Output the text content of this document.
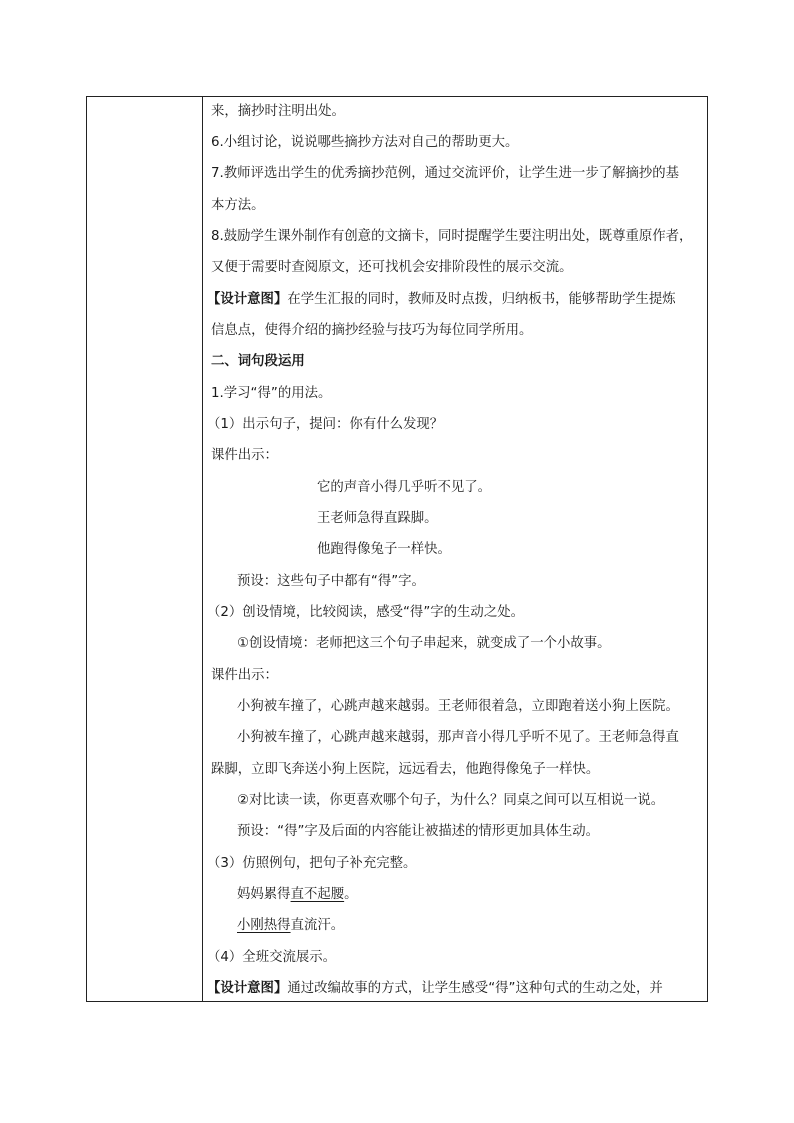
来，摘抄时注明出处。
6.小组讨论，说说哪些摘抄方法对自己的帮助更大。
7.教师评选出学生的优秀摘抄范例，通过交流评价，让学生进一步了解摘抄的基
本方法。
8.鼓励学生课外制作有创意的文摘卡，同时提醒学生要注明出处，既尊重原作者，
又便于需要时查阅原文，还可找机会安排阶段性的展示交流。
【设计意图】在学生汇报的同时，教师及时点拨，归纳板书，能够帮助学生提炼
信息点，使得介绍的摘抄经验与技巧为每位同学所用。
二、词句段运用
1.学习“得”的用法。
（1）出示句子，提问：你有什么发现？
课件出示：
它的声音小得几乎听不见了。
王老师急得直跺脚。
他跑得像兔子一样快。
预设：这些句子中都有“得”字。
（2）创设情境，比较阅读，感受“得”字的生动之处。
①创设情境：老师把这三个句子串起来，就变成了一个小故事。
课件出示：
小狗被车撞了，心跳声越来越弱。王老师很着急，立即跑着送小狗上医院。
小狗被车撞了，心跳声越来越弱，那声音小得几乎听不见了。王老师急得直
跺脚，立即飞奔送小狗上医院，远远看去，他跑得像兔子一样快。
②对比读一读，你更喜欢哪个句子，为什么？同桌之间可以互相说一说。
预设：“得”字及后面的内容能让被描述的情形更加具体生动。
（3）仿照例句，把句子补充完整。
妈妈累得直不起腰。
小刚热得直流汗。
（4）全班交流展示。
【设计意图】通过改编故事的方式，让学生感受“得”这种句式的生动之处，并
